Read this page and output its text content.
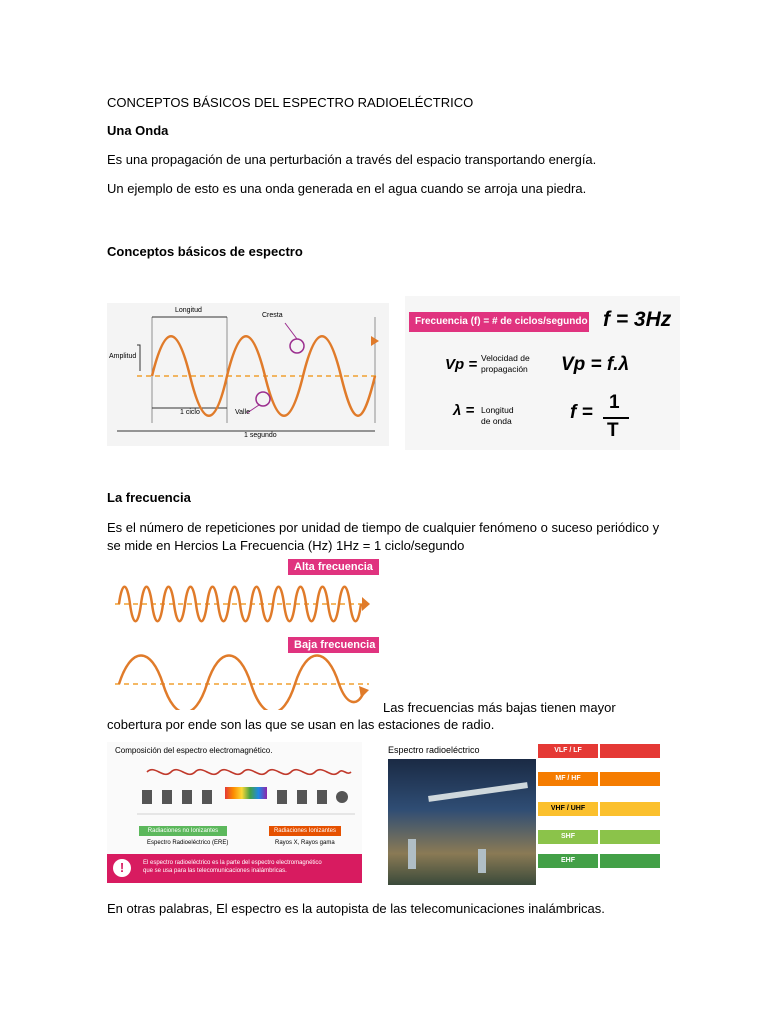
CONCEPTOS BÁSICOS DEL ESPECTRO RADIOELÉCTRICO
Una Onda
Es una propagación de una perturbación a través del espacio transportando energía.
Un ejemplo de esto es una onda generada en el agua cuando se arroja una piedra.
Conceptos básicos de espectro
Longitud
Cresta
Amplitud
1 ciclo	Valle
1 segundo
Frecuencia (f) = # de ciclos/segundo f = 3Hz
Vp = Velocidad de
propagación Vp = f.λ
λ = Longitud
de onda	f = 1
T
La frecuencia
Es el número de repeticiones por unidad de tiempo de cualquier fenómeno o suceso periódico y
se mide en Hercios La Frecuencia (Hz) 1Hz = 1 ciclo/segundo
Alta frecuencia
Baja frecuencia
Las frecuencias más bajas tienen mayor
cobertura por ende son las que se usan en las estaciones de radio.
Composición del espectro electromagnético.
Radiaciones no Ionizantes	Radiaciones Ionizantes
Espectro Radioeléctrico (ERE)	Rayos X, Rayos gama
!	El espectro radioeléctrico es la parte del espectro electromagnético
que se usa para las telecomunicaciones inalámbricas.
Espectro radioeléctrico	VLF / LF
MF / HF
VHF / UHF
SHF
EHF
En otras palabras, El espectro es la autopista de las telecomunicaciones inalámbricas.
